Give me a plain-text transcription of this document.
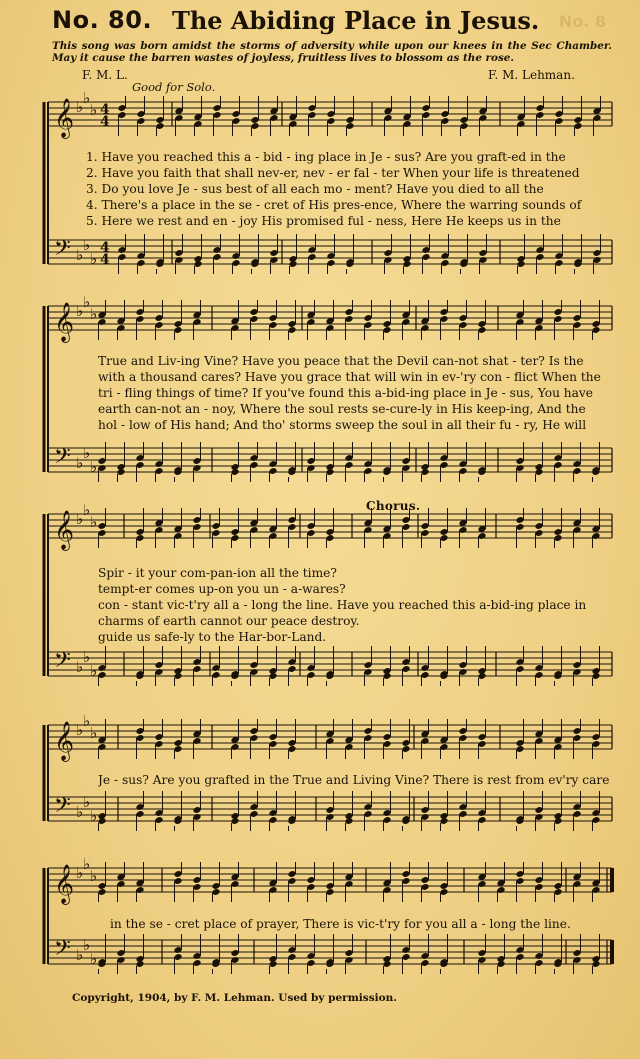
No. 80. The Abiding Place in Jesus. No. 8
This song was born amidst the storms of adversity while upon our knees in the Sec Chamber. May it cause the barren wastes of joyless, fruitless lives to blossom as the rose.
F. M. L.	F. M. Lehman.
Good for Solo.
Chorus.
𝄞 ♭ ♭
♭ 4
4
𝄢 ♭
♭
♭
4
4
𝄞 ♭ ♭
♭
𝄢 ♭
♭
♭
𝄞 ♭ ♭
♭
𝄢 ♭
♭
♭
𝄞 ♭ ♭
♭
𝄢 ♭
♭
♭
𝄞 ♭ ♭
♭
𝄢 ♭
♭
♭
1. Have you reached this a - bid - ing place in Je - sus? Are you graft-ed in the
2. Have you faith that shall nev-er, nev - er fal - ter When your life is threatened
3. Do you love Je - sus best of all each mo - ment? Have you died to all the
4. There's a place in the se - cret of His pres-ence, Where the warring sounds of
5. Here we rest and en - joy His promised ful - ness, Here He keeps us in the
True and Liv-ing Vine? Have you peace that the Devil can-not shat - ter? Is the
with a thousand cares? Have you grace that will win in ev-'ry con - flict When the
tri - fling things of time? If you've found this a-bid-ing place in Je - sus, You have
earth can-not an - noy, Where the soul rests se-cure-ly in His keep-ing, And the
hol - low of His hand; And tho' storms sweep the soul in all their fu - ry, He will
Spir - it your com-pan-ion all the time?
tempt-er comes up-on you un - a-wares?
con - stant vic-t'ry all a - long the line. Have you reached this a-bid-ing place in
charms of earth cannot our peace destroy.
guide us safe-ly to the Har-bor-Land.
Je - sus? Are you grafted in the True and Living Vine? There is rest from ev'ry care
in the se - cret place of prayer, There is vic-t'ry for you all a - long the line.
Copyright, 1904, by F. M. Lehman. Used by permission.
